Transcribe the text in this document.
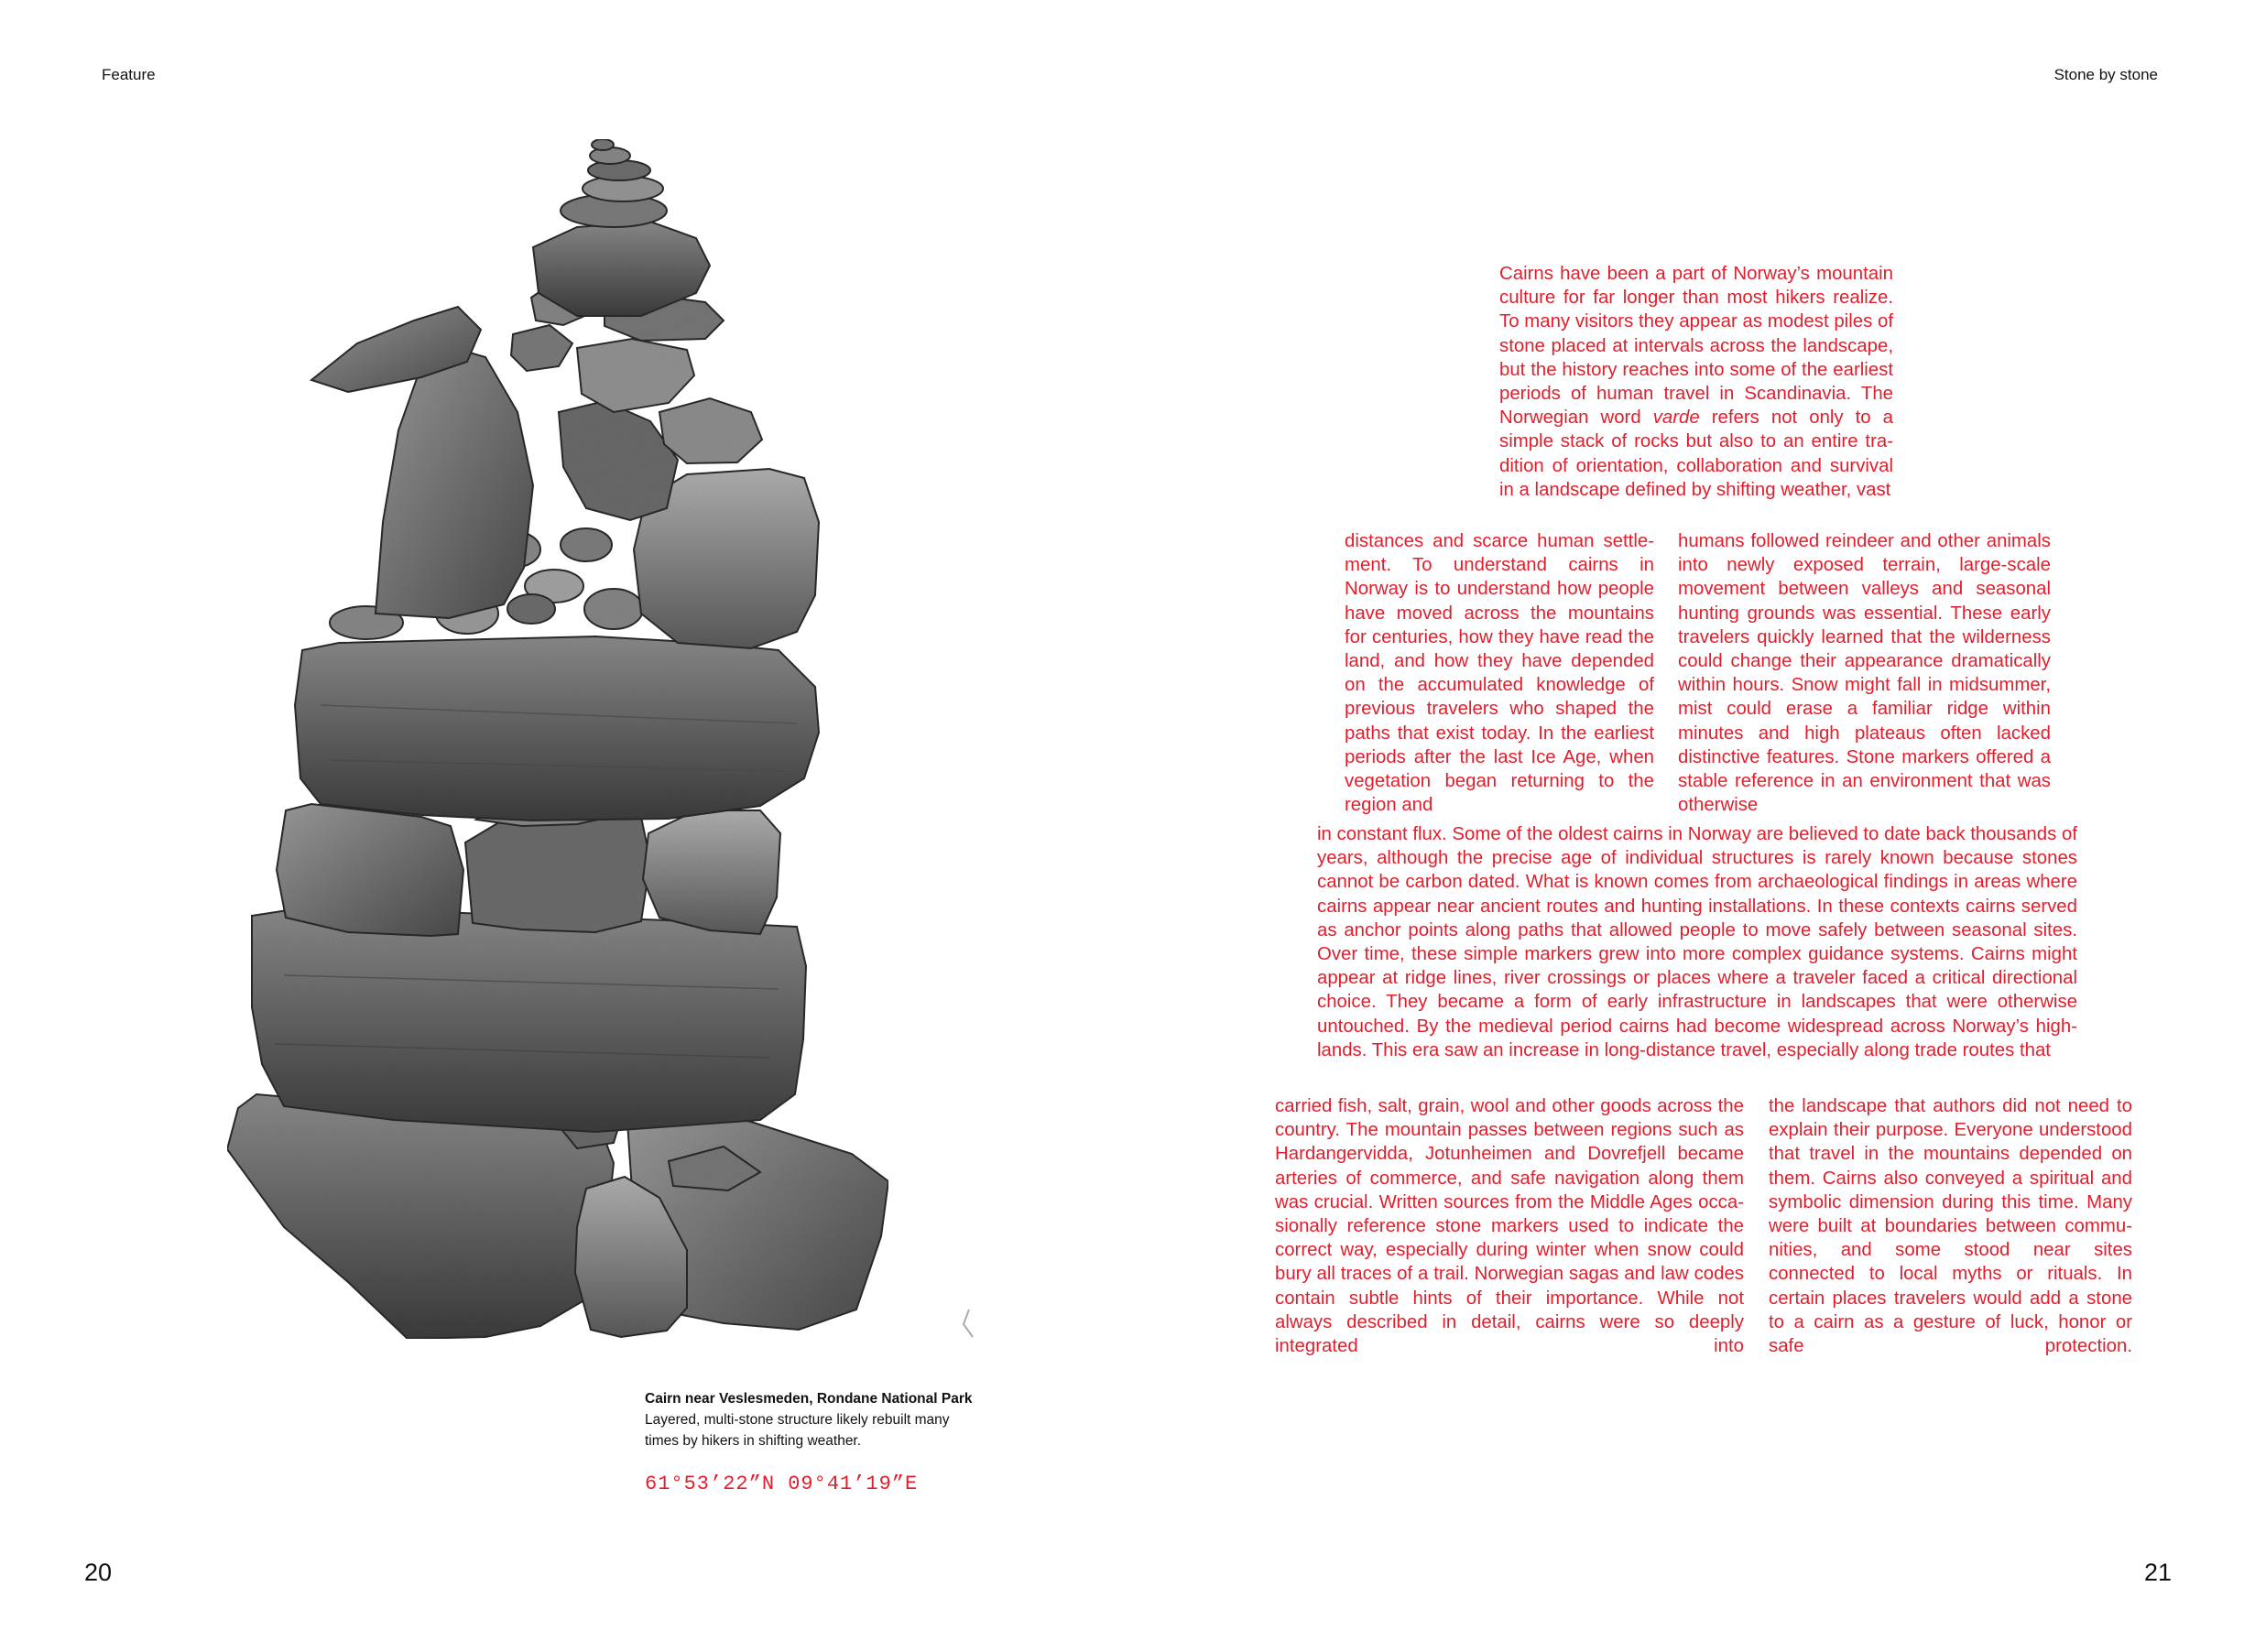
Feature	Stone by stone
Cairn near Veslesmeden, Rondane National Park
Layered, multi-stone structure likely rebuilt many times by hikers in shifting weather.
61°53’22”N 09°41’19”E

Cairns have been a part of Norway’s mountain culture for far longer than most hikers realize. To many visitors they appear as modest piles of stone placed at intervals across the landscape, but the history reaches into some of the earliest periods of human travel in Scandinavia. The Norwegian word varde refers not only to a simple stack of rocks but also to an entire tradition of orientation, collaboration and survival in a landscape defined by shifting weather, vast

distances and scarce human settlement. To understand cairns in Norway is to understand how people have moved across the mountains for centuries, how they have read the land, and how they have depended on the accumulated knowledge of previous travelers who shaped the paths that exist today. In the earliest periods after the last Ice Age, when vegetation began returning to the region and

humans followed reindeer and other animals into newly exposed terrain, large-scale movement between valleys and seasonal hunting grounds was essential. These early travelers quickly learned that the wilderness could change their appearance dramatically within hours. Snow might fall in midsummer, mist could erase a familiar ridge within minutes and high plateaus often lacked distinctive features. Stone markers offered a stable reference in an environment that was otherwise

in constant flux. Some of the oldest cairns in Norway are believed to date back thousands of years, although the precise age of individual structures is rarely known because stones cannot be carbon dated. What is known comes from archaeological findings in areas where cairns appear near ancient routes and hunting installations. In these contexts cairns served as anchor points along paths that allowed people to move safely between seasonal sites. Over time, these simple markers grew into more complex guidance systems. Cairns might appear at ridge lines, river crossings or places where a traveler faced a critical directional choice. They became a form of early infrastructure in landscapes that were otherwise untouched. By the medieval period cairns had become widespread across Norway’s highlands. This era saw an increase in long-distance travel, especially along trade routes that

carried fish, salt, grain, wool and other goods across the country. The mountain passes between regions such as Hardangervidda, Jotunheimen and Dovrefjell became arteries of commerce, and safe navigation along them was crucial. Written sources from the Middle Ages occasionally reference stone markers used to indicate the correct way, especially during winter when snow could bury all traces of a trail. Norwegian sagas and law codes contain subtle hints of their importance. While not always described in detail, cairns were so deeply integrated into

the landscape that authors did not need to explain their purpose. Everyone understood that travel in the mountains depended on them. Cairns also conveyed a spiritual and symbolic dimension during this time. Many were built at boundaries between communities, and some stood near sites connected to local myths or rituals. In certain places travelers would add a stone to a cairn as a gesture of luck, honor or safe protection.

20	21
